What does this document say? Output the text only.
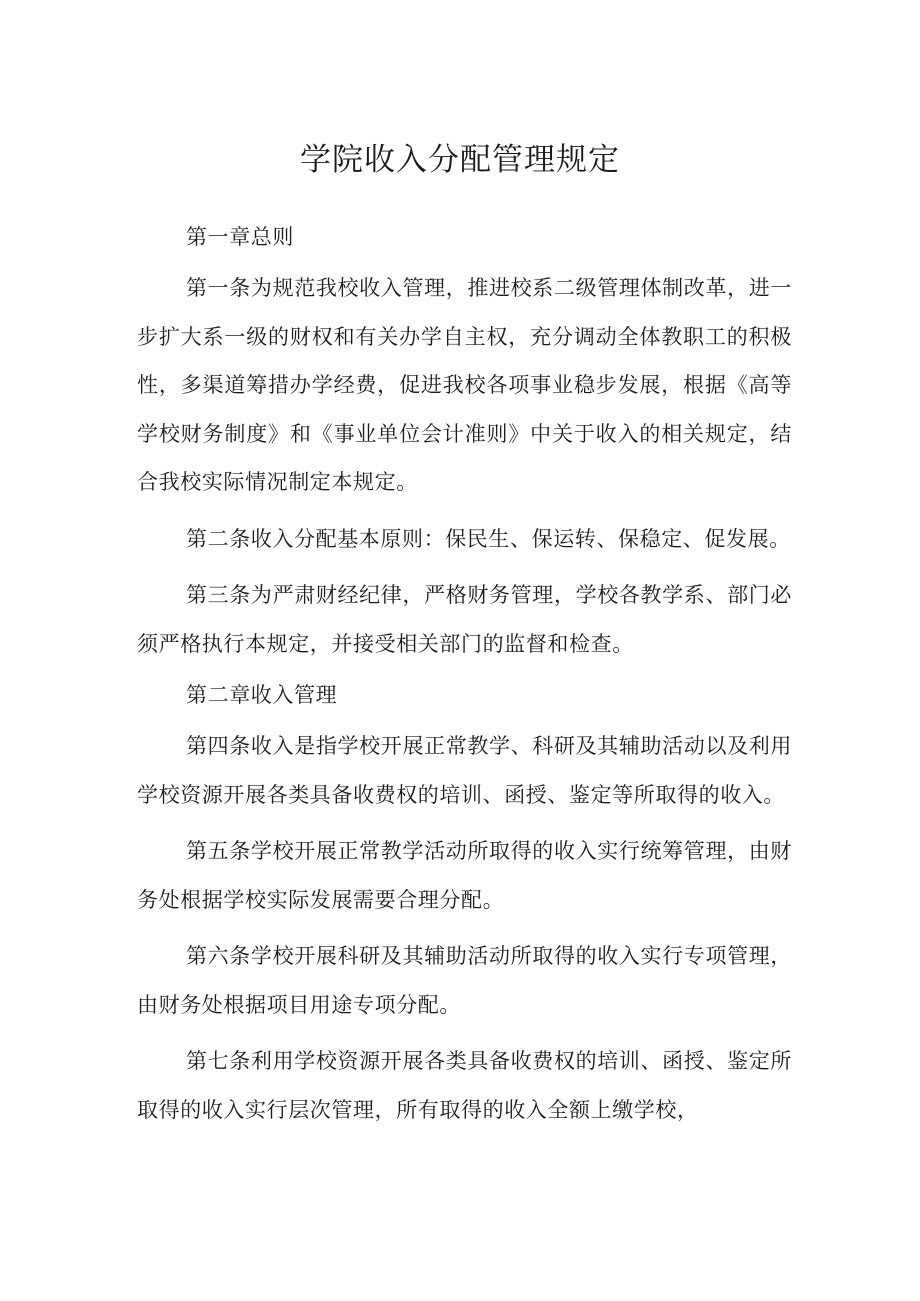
学院收入分配管理规定

第一章总则

第一条为规范我校收入管理，推进校系二级管理体制改革，进一步扩大系一级的财权和有关办学自主权，充分调动全体教职工的积极性，多渠道筹措办学经费，促进我校各项事业稳步发展，根据《高等学校财务制度》和《事业单位会计准则》中关于收入的相关规定，结合我校实际情况制定本规定。

第二条收入分配基本原则：保民生、保运转、保稳定、促发展。

第三条为严肃财经纪律，严格财务管理，学校各教学系、部门必须严格执行本规定，并接受相关部门的监督和检查。

第二章收入管理

第四条收入是指学校开展正常教学、科研及其辅助活动以及利用学校资源开展各类具备收费权的培训、函授、鉴定等所取得的收入。

第五条学校开展正常教学活动所取得的收入实行统筹管理，由财务处根据学校实际发展需要合理分配。

第六条学校开展科研及其辅助活动所取得的收入实行专项管理，由财务处根据项目用途专项分配。

第七条利用学校资源开展各类具备收费权的培训、函授、鉴定所取得的收入实行层次管理，所有取得的收入全额上缴学校，
